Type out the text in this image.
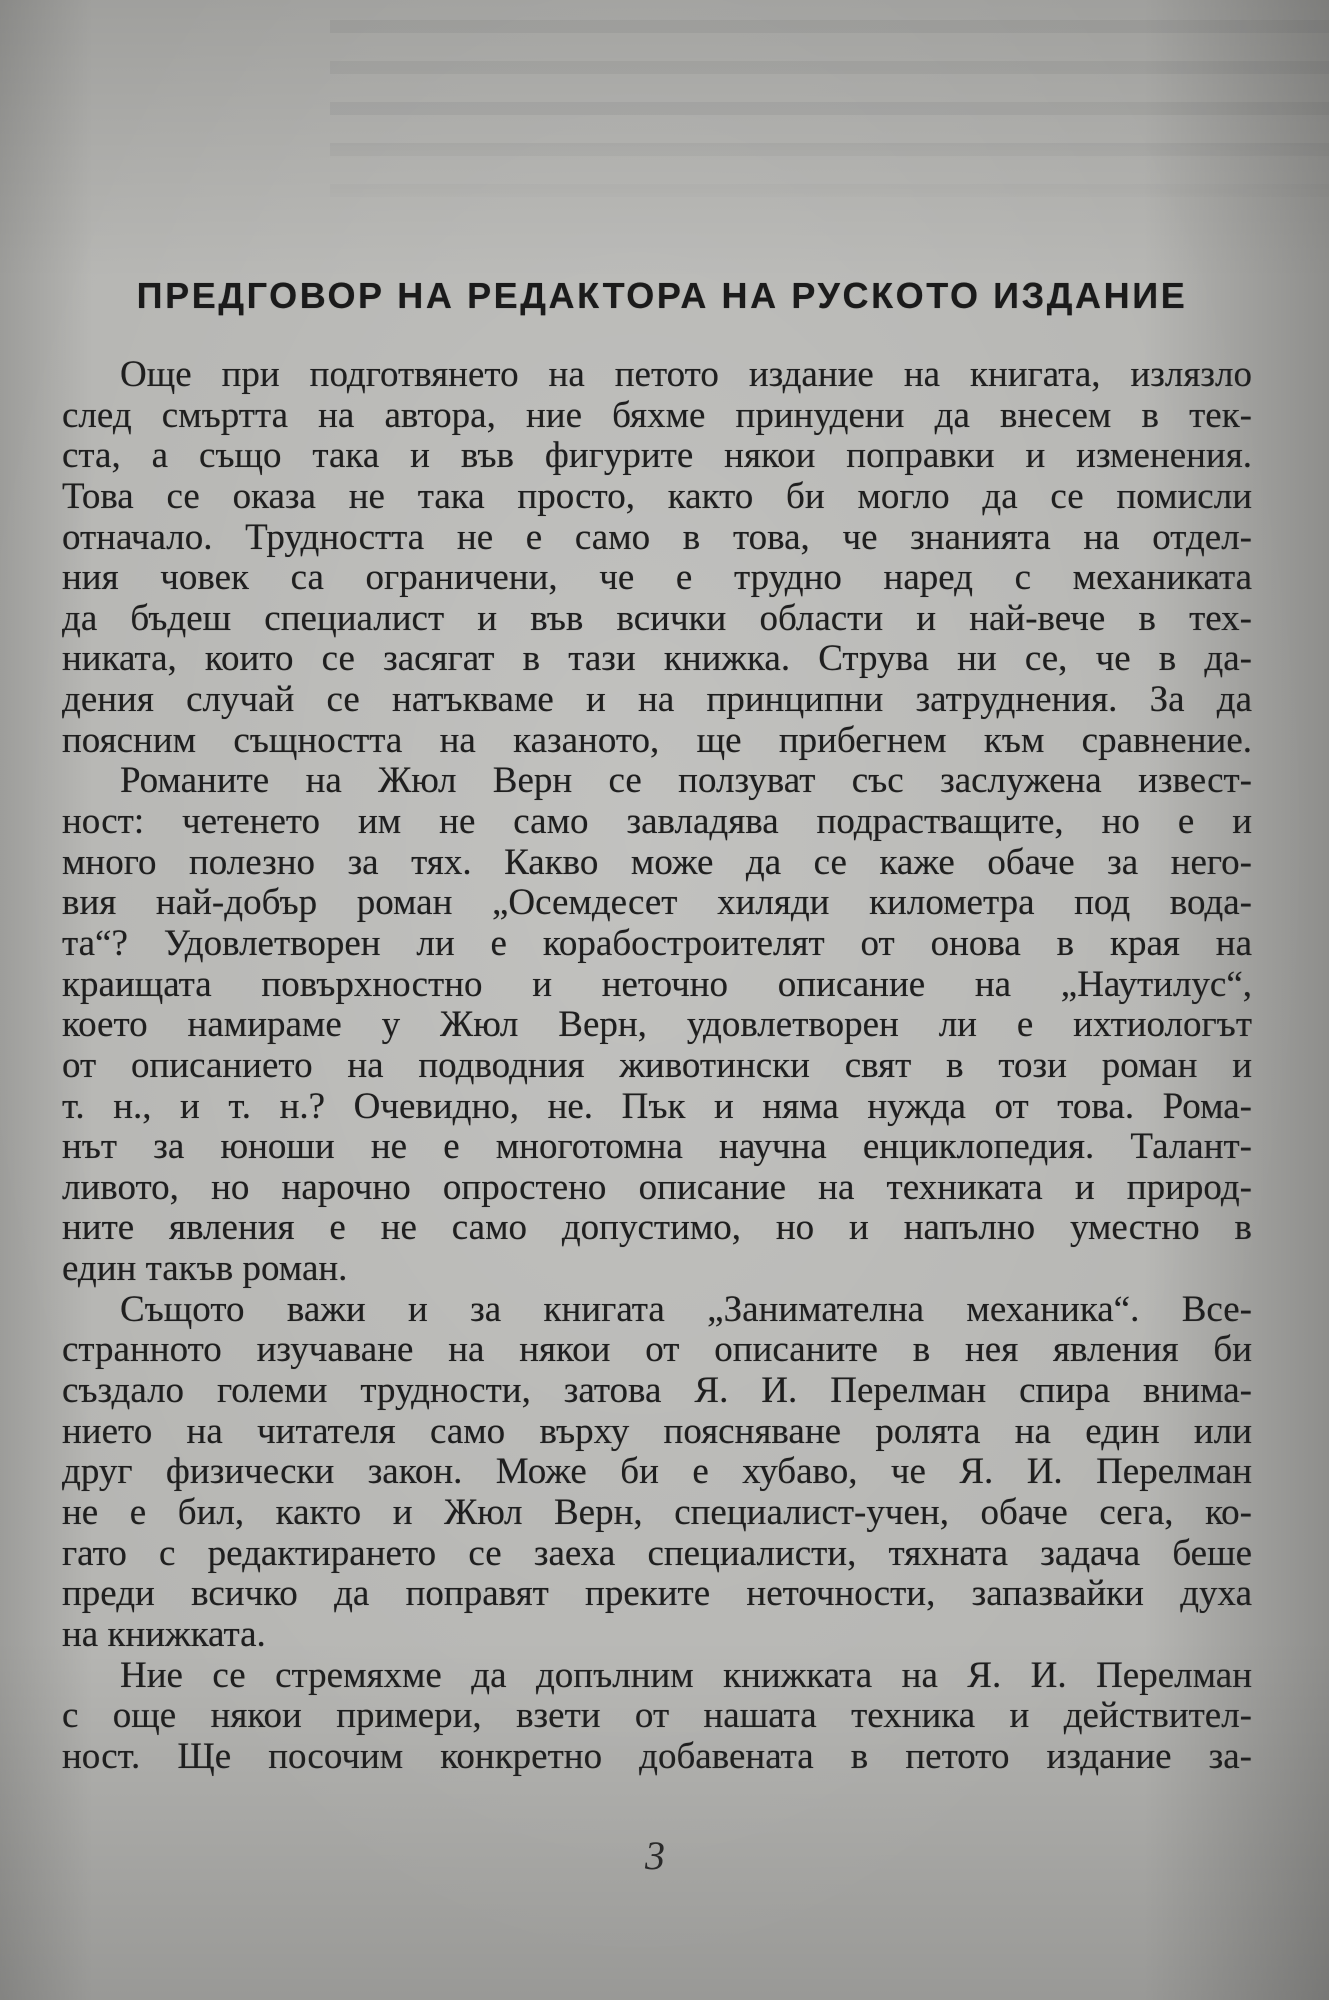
ПРЕДГОВОР НА РЕДАКТОРА НА РУСКОТО ИЗДАНИЕ
Още при подготвянето на петото издание на книгата, излязло
след смъртта на автора, ние бяхме принудени да внесем в тек-
ста, а също така и във фигурите някои поправки и изменения.
Това се оказа не така просто, както би могло да се помисли
отначало. Трудността не е само в това, че знанията на отдел-
ния човек са ограничени, че е трудно наред с механиката
да бъдеш специалист и във всички области и най-вече в тех-
никата, които се засягат в тази книжка. Струва ни се, че в да-
дения случай се натъкваме и на принципни затруднения. За да
поясним същността на казаното, ще прибегнем към сравнение.
Романите на Жюл Верн се ползуват със заслужена извест-
ност: четенето им не само завладява подрастващите, но е и
много полезно за тях. Какво може да се каже обаче за него-
вия най-добър роман „Осемдесет хиляди километра под вода-
та“? Удовлетворен ли е корабостроителят от онова в края на
краищата повърхностно и неточно описание на „Наутилус“,
което намираме у Жюл Верн, удовлетворен ли е ихтиологът
от описанието на подводния животински свят в този роман и
т. н., и т. н.? Очевидно, не. Пък и няма нужда от това. Рома-
нът за юноши не е многотомна научна енциклопедия. Талант-
ливото, но нарочно опростено описание на техниката и природ-
ните явления е не само допустимо, но и напълно уместно в
един такъв роман.
Същото важи и за книгата „Занимателна механика“. Все-
странното изучаване на някои от описаните в нея явления би
създало големи трудности, затова Я. И. Перелман спира внима-
нието на читателя само върху поясняване ролята на един или
друг физически закон. Може би е хубаво, че Я. И. Перелман
не е бил, както и Жюл Верн, специалист-учен, обаче сега, ко-
гато с редактирането се заеха специалисти, тяхната задача беше
преди всичко да поправят преките неточности, запазвайки духа
на книжката.
Ние се стремяхме да допълним книжката на Я. И. Перелман
с още някои примери, взети от нашата техника и действител-
ност. Ще посочим конкретно добавената в петото издание за-
3
